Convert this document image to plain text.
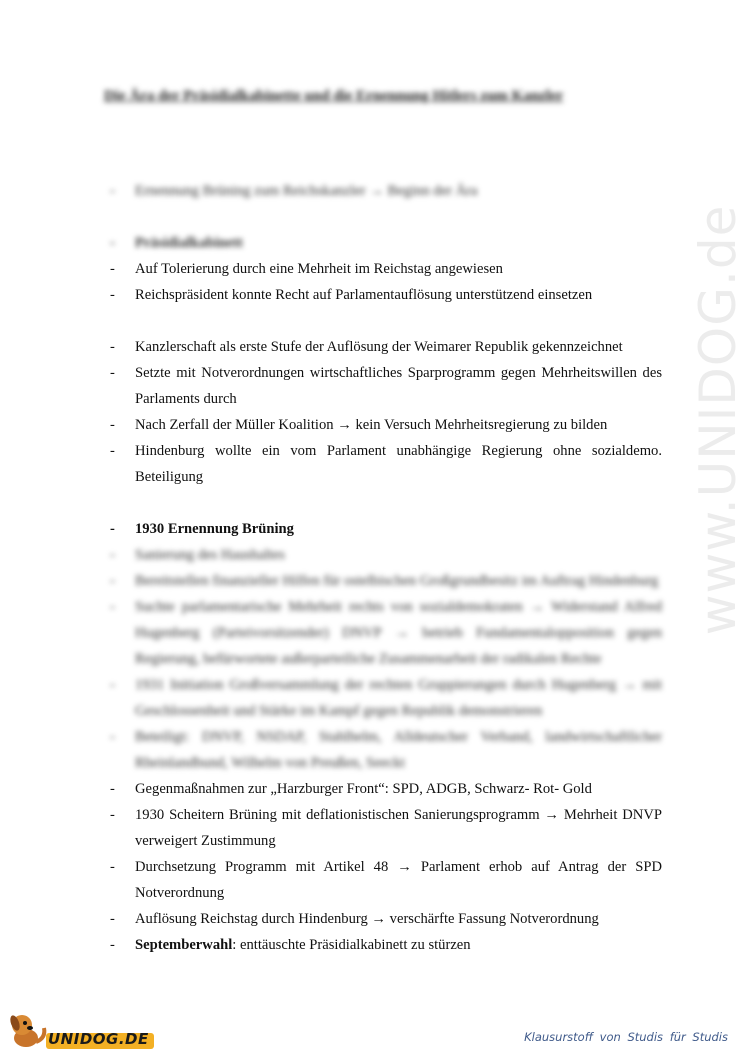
Die Ära der Präsidialkabinette und die Ernennung Hitlers zum Kanzler
- Ernennung Brüning zum Reichskanzler → Beginn der Ära
- Präsidialkabinett
- Auf Tolerierung durch eine Mehrheit im Reichstag angewiesen
- Reichspräsident konnte Recht auf Parlamentauflösung unterstützend einsetzen
- Kanzlerschaft als erste Stufe der Auflösung der Weimarer Republik gekennzeichnet
- Setzte mit Notverordnungen wirtschaftliches Sparprogramm gegen Mehrheitswillen des Parlaments durch
- Nach Zerfall der Müller Koalition → kein Versuch Mehrheitsregierung zu bilden
- Hindenburg wollte ein vom Parlament unabhängige Regierung ohne sozialdemo. Beteiligung
- 1930 Ernennung Brüning
- Sanierung des Haushaltes
- Bereitstellen finanzieller Hilfen für ostelbischen Großgrundbesitz im Auftrag Hindenburg
- Suchte parlamentarische Mehrheit rechts von sozialdemokraten → Widerstand Alfred Hugenberg (Parteivorsitzender) DNVP → betrieb Fundamentalopposition gegen Regierung, befürwortete außerparteiliche Zusammenarbeit der radikalen Rechte
- 1931 Initiation Großversammlung der rechten Gruppierungen durch Hugenberg → mit Geschlossenheit und Stärke im Kampf gegen Republik demonstrieren
- Beteiligt: DNVP, NSDAP, Stahlhelm, Alldeutscher Verband, landwirtschaftlicher Rheinlandbund, Wilhelm von Preußen, Seeckt
- Gegenmaßnahmen zur „Harzburger Front“: SPD, ADGB, Schwarz- Rot- Gold
- 1930 Scheitern Brüning mit deflationistischen Sanierungsprogramm → Mehrheit DNVP verweigert Zustimmung
- Durchsetzung Programm mit Artikel 48 → Parlament erhob auf Antrag der SPD Notverordnung
- Auflösung Reichstag durch Hindenburg → verschärfte Fassung Notverordnung
- Septemberwahl: enttäuschte Präsidialkabinett zu stürzen
www.UNIDOG.de
UNIDOG.DE	Klausurstoff von Studis für Studis
